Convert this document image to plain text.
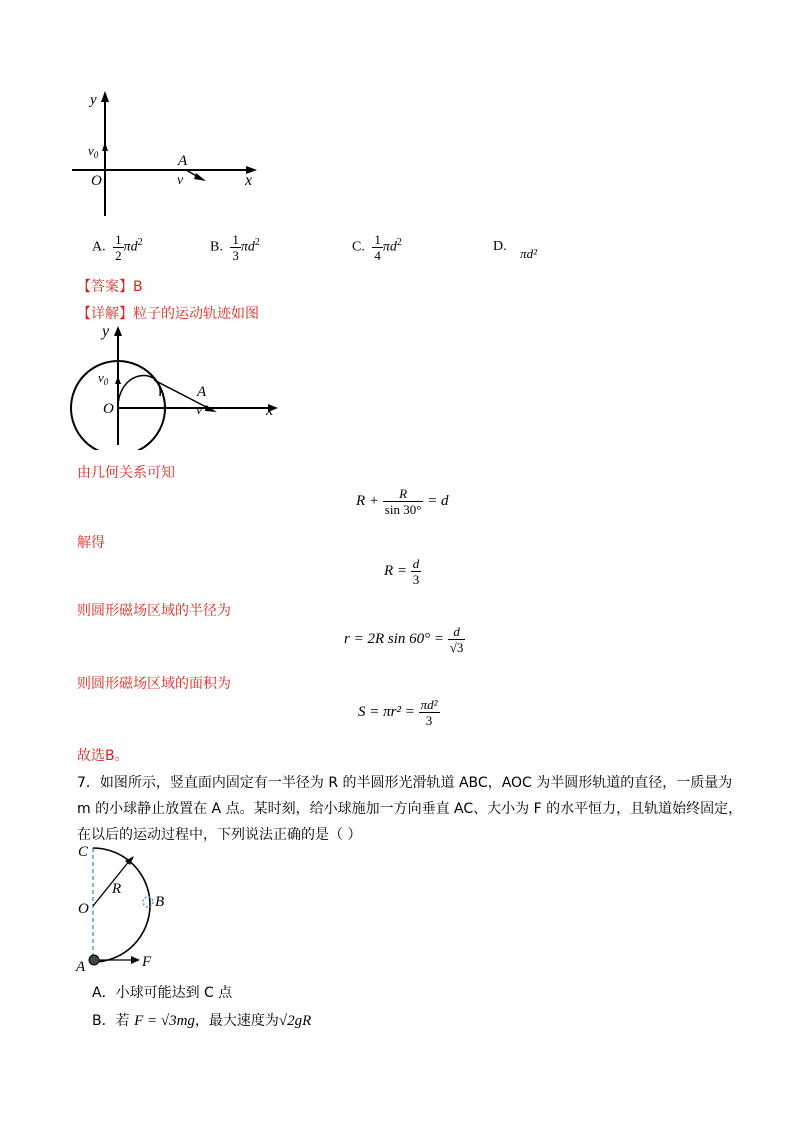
y
x
O
$v_0$	A
v
A. $\frac{1}{2} \pi d^2$	B. $\frac{1}{3} \pi d^2$	C. $\frac{1}{4} \pi d^2$	D. πd²
【答案】B
【详解】粒子的运动轨迹如图
y
x
O
$v_0$
A
v
由几何关系可知
$R + \frac{R}{\sin 30^\circ} = d$
解得
$R = \frac{d}{3}$
则圆形磁场区域的半径为
r = 2R $\sin 60^\circ = \frac{d}{√3}$
则圆形磁场区域的面积为
$S = \pi r^2 = \frac{\text{πd²}}{3}$
故选B。
7．如图所示，竖直面内固定有一半径为 R 的半圆形光滑轨道 ABC，AOC 为半圆形轨道的直径，一质量为
m 的小球静止放置在 A 点。某时刻，给小球施加一方向垂直 AC、大小为 F 的水平恒力，且轨道始终固定，
在以后的运动过程中，下列说法正确的是（ ）
C
R
O	B
A	F
A．小球可能达到 C 点
B．若 F = √3mg，最大速度为√2gR
